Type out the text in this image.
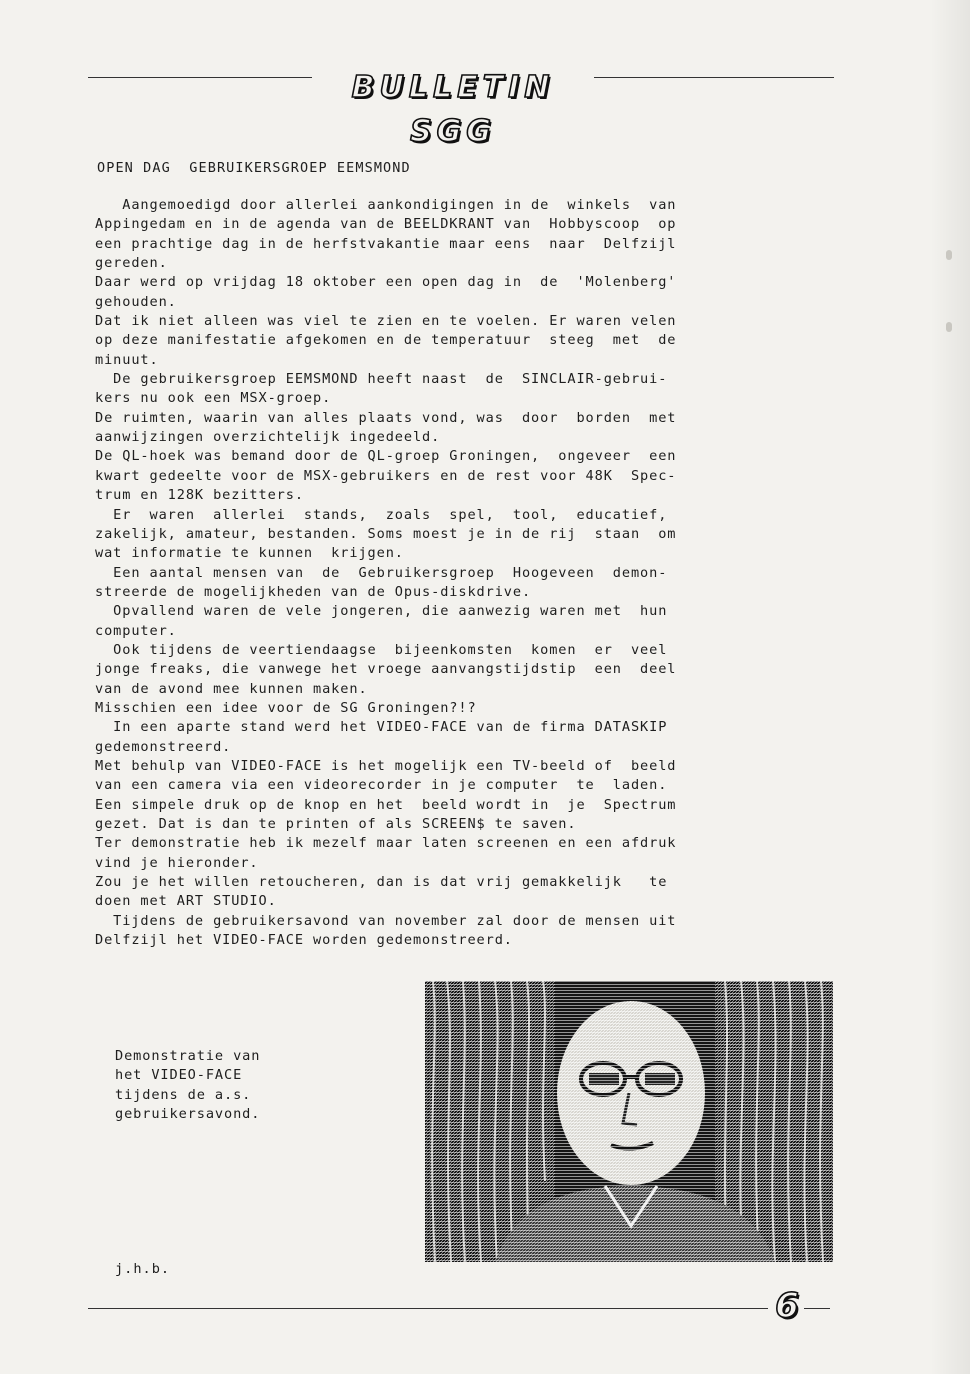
BULLETIN SGG
OPEN DAG  GEBRUIKERSGROEP EEMSMOND
Aangemoedigd door allerlei aankondigingen in de  winkels  van
Appingedam en in de agenda van de BEELDKRANT van  Hobbyscoop  op
een prachtige dag in de herfstvakantie maar eens  naar  Delfzijl
gereden.
Daar werd op vrijdag 18 oktober een open dag in  de  'Molenberg'
gehouden.
Dat ik niet alleen was viel te zien en te voelen. Er waren velen
op deze manifestatie afgekomen en de temperatuur  steeg  met  de
minuut.
De gebruikersgroep EEMSMOND heeft naast  de  SINCLAIR-gebrui-
kers nu ook een MSX-groep.
De ruimten, waarin van alles plaats vond, was  door  borden  met
aanwijzingen overzichtelijk ingedeeld.
De QL-hoek was bemand door de QL-groep Groningen,  ongeveer  een
kwart gedeelte voor de MSX-gebruikers en de rest voor 48K  Spec-
trum en 128K bezitters.
Er  waren  allerlei  stands,  zoals  spel,  tool,  educatief,
zakelijk, amateur, bestanden. Soms moest je in de rij  staan  om
wat informatie te kunnen  krijgen.
Een aantal mensen van  de  Gebruikersgroep  Hoogeveen  demon-
streerde de mogelijkheden van de Opus-diskdrive.
Opvallend waren de vele jongeren, die aanwezig waren met  hun
computer.
Ook tijdens de veertiendaagse  bijeenkomsten  komen  er  veel
jonge freaks, die vanwege het vroege aanvangstijdstip  een  deel
van de avond mee kunnen maken.
Misschien een idee voor de SG Groningen?!?
In een aparte stand werd het VIDEO-FACE van de firma DATASKIP
gedemonstreerd.
Met behulp van VIDEO-FACE is het mogelijk een TV-beeld of  beeld
van een camera via een videorecorder in je computer  te  laden.
Een simpele druk op de knop en het  beeld wordt in  je  Spectrum
gezet. Dat is dan te printen of als SCREEN$ te saven.
Ter demonstratie heb ik mezelf maar laten screenen en een afdruk
vind je hieronder.
Zou je het willen retoucheren, dan is dat vrij gemakkelijk   te
doen met ART STUDIO.
Tijdens de gebruikersavond van november zal door de mensen uit
Delfzijl het VIDEO-FACE worden gedemonstreerd.
Demonstratie van
het VIDEO-FACE
tijdens de a.s.
gebruikersavond.
j.h.b.
6
